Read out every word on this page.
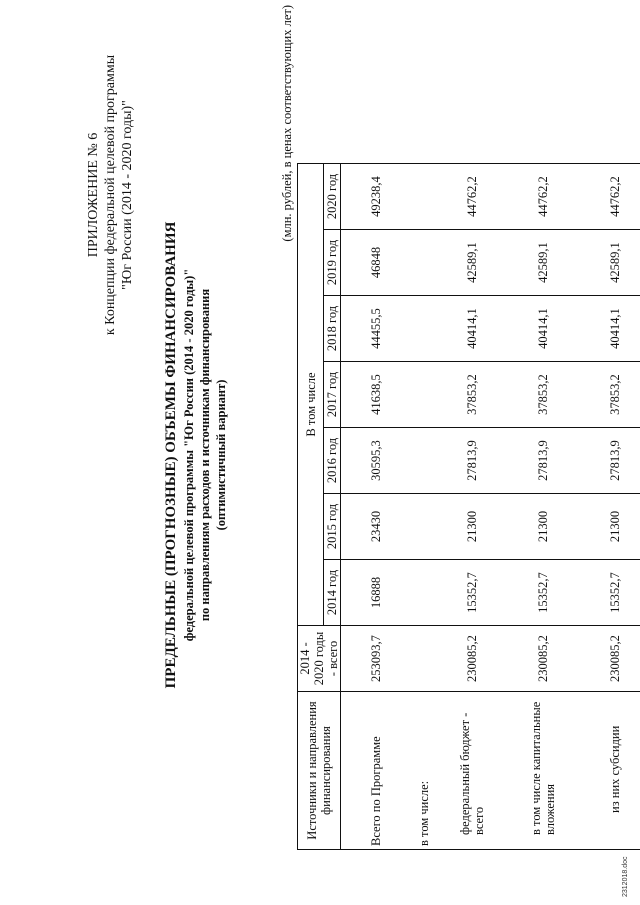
ПРИЛОЖЕНИЕ № 6 к Концепции федеральной целевой программы "Юг России (2014 - 2020 годы)"
ПРЕДЕЛЬНЫЕ (ПРОГНОЗНЫЕ) ОБЪЕМЫ ФИНАНСИРОВАНИЯ федеральной целевой программы "Юг России (2014 - 2020 годы)" по направлениям расходов и источникам финансирования (оптимистичный вариант)
(млн. рублей, в ценах соответствующих лет)
Источники и направления финансирования	2014 - 2020 годы - всего	В том числе						
		2014 год	2015 год	2016 год	2017 год	2018 год	2019 год	2020 год
Всего по Программе	253093,7	16888	23430	30595,3	41638,5	44455,5	46848	49238,4
в том числе:								
федеральный бюджет - всего	230085,2	15352,7	21300	27813,9	37853,2	40414,1	42589,1	44762,2
в том числе капитальные вложения	230085,2	15352,7	21300	27813,9	37853,2	40414,1	42589,1	44762,2
из них субсидии	230085,2	15352,7	21300	27813,9	37853,2	40414,1	42589,1	44762,2
2312018.doc
